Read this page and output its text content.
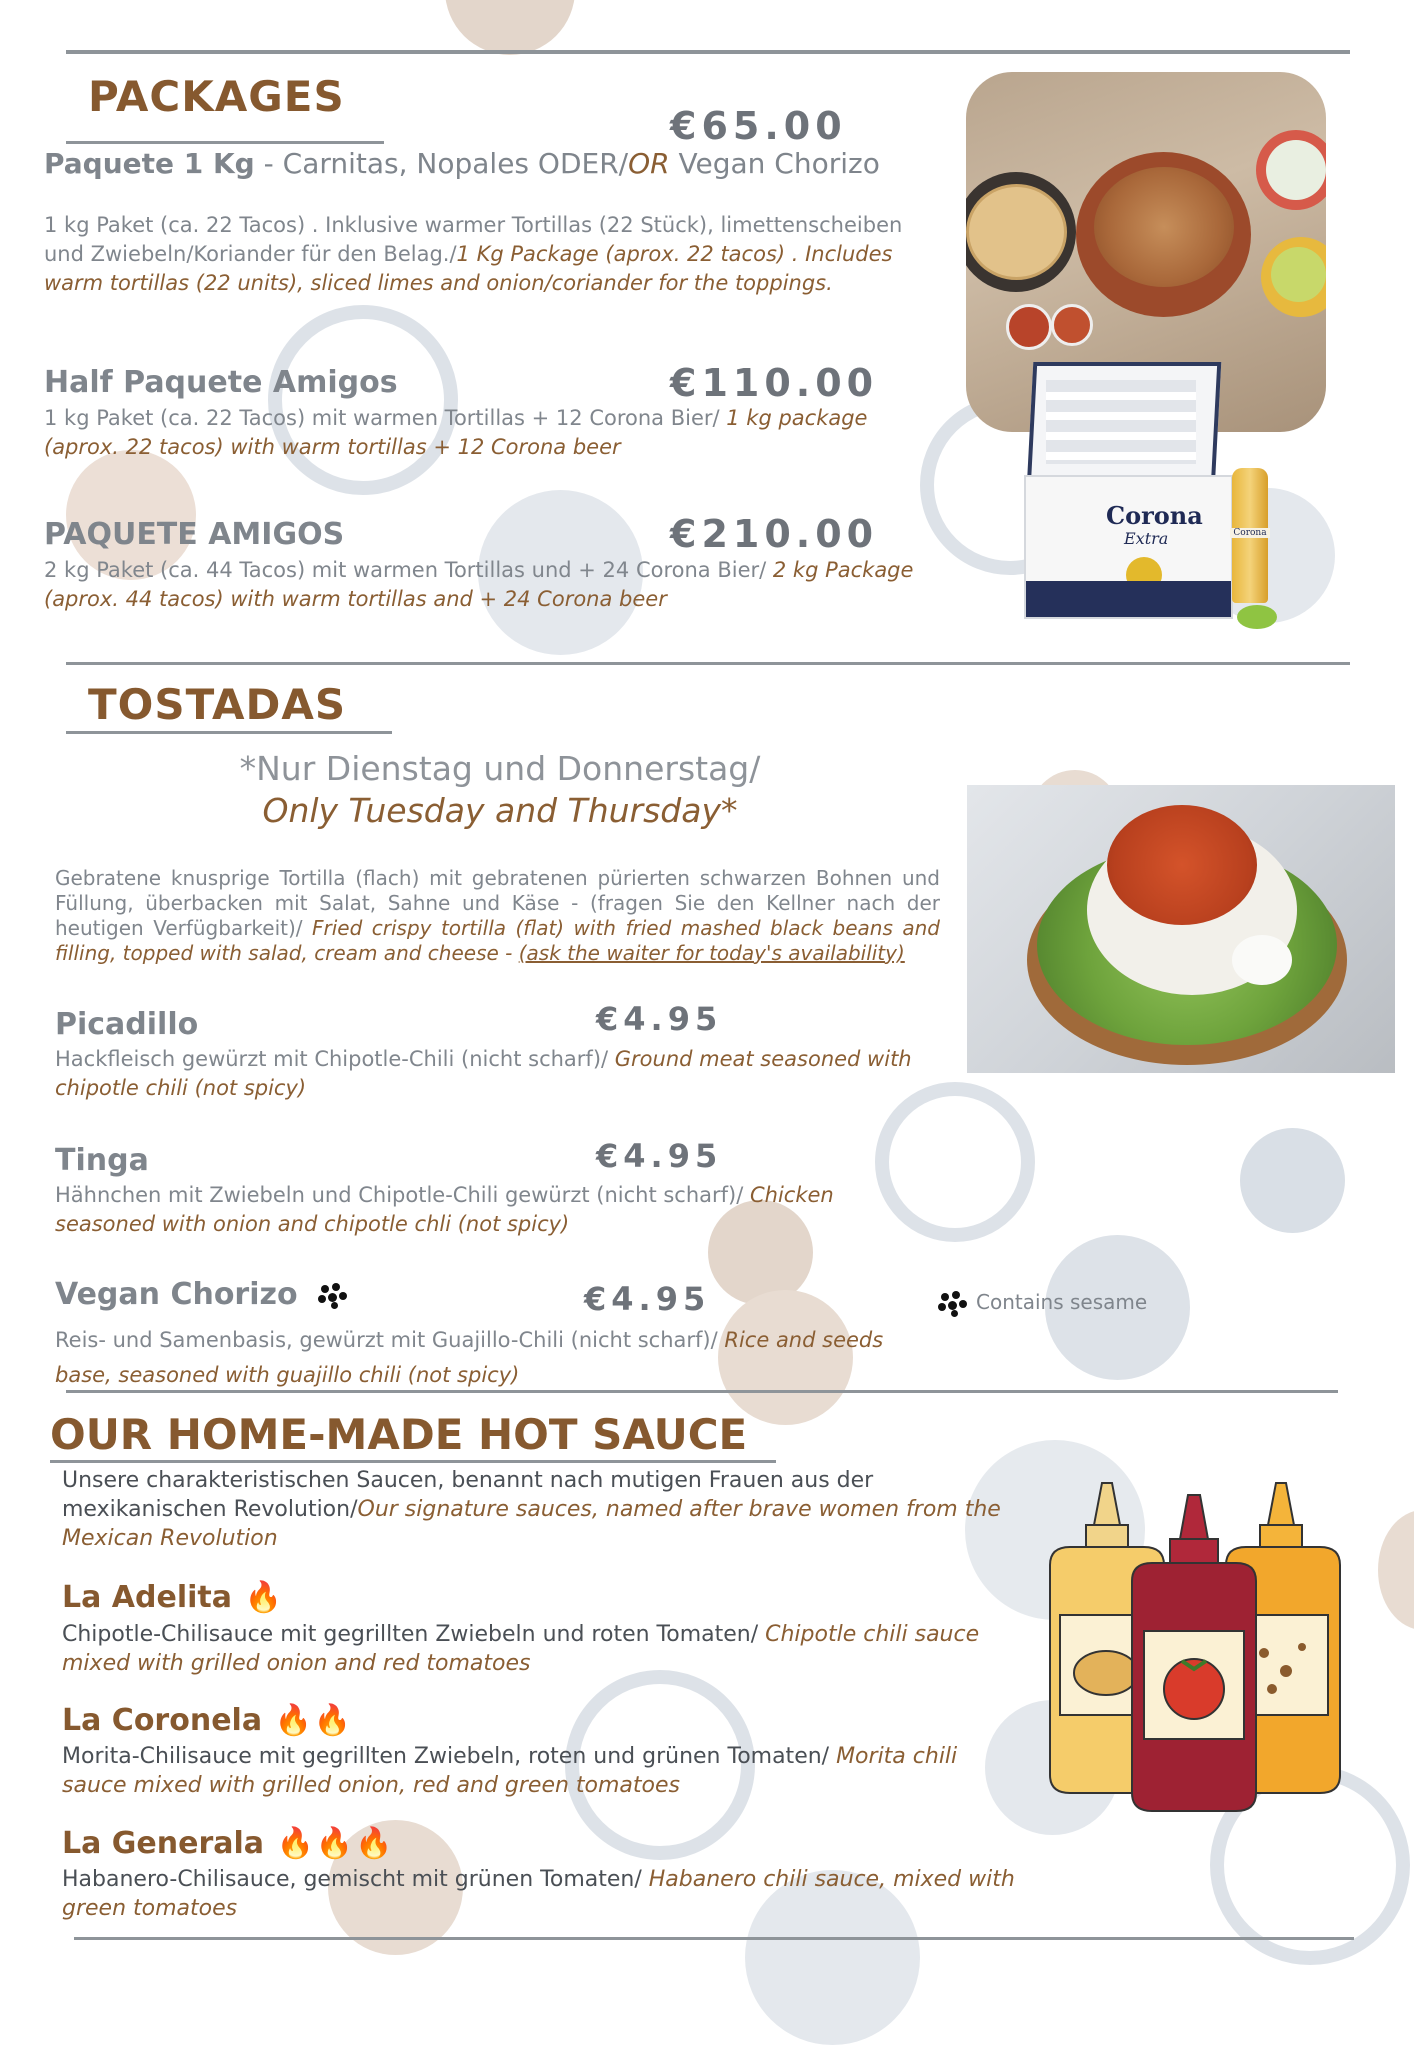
PACKAGES
Paquete 1 Kg - Carnitas, Nopales ODER/OR Vegan Chorizo
€65.00

1 kg Paket (ca. 22 Tacos) . Inklusive warmer Tortillas (22 Stück), limettenscheiben und Zwiebeln/Koriander für den Belag./1 Kg Package (aprox. 22 tacos) . Includes warm tortillas (22 units), sliced limes and onion/coriander for the toppings.

Half Paquete Amigos	€110.00

1 kg Paket (ca. 22 Tacos) mit warmen Tortillas + 12 Corona Bier/ 1 kg package (aprox. 22 tacos) with warm tortillas + 12 Corona beer

PAQUETE AMIGOS	€210.00

2 kg Paket (ca. 44 Tacos) mit warmen Tortillas und + 24 Corona Bier/ 2 kg Package (aprox. 44 tacos) with warm tortillas and + 24 Corona beer

Corona
Extra	Corona
TOSTADAS
*Nur Dienstag und Donnerstag/
Only Tuesday and Thursday*

Gebratene knusprige Tortilla (flach) mit gebratenen pürierten schwarzen Bohnen und Füllung, überbacken mit Salat, Sahne und Käse - (fragen Sie den Kellner nach der heutigen Verfügbarkeit)/ Fried crispy tortilla (flat) with fried mashed black beans and filling, topped with salad, cream and cheese - (ask the waiter for today's availability)

Picadillo	€4.95

Hackfleisch gewürzt mit Chipotle-Chili (nicht scharf)/ Ground meat seasoned with chipotle chili (not spicy)

Tinga	€4.95

Hähnchen mit Zwiebeln und Chipotle-Chili gewürzt (nicht scharf)/ Chicken seasoned with onion and chipotle chli (not spicy)

Vegan Chorizo	€4.95

Reis- und Samenbasis, gewürzt mit Guajillo-Chili (nicht scharf)/ Rice and seeds base, seasoned with guajillo chili (not spicy)

Contains sesame
OUR HOME-MADE HOT SAUCE

Unsere charakteristischen Saucen, benannt nach mutigen Frauen aus der mexikanischen Revolution/Our signature sauces, named after brave women from the Mexican Revolution

La Adelita 🔥

Chipotle-Chilisauce mit gegrillten Zwiebeln und roten Tomaten/ Chipotle chili sauce mixed with grilled onion and red tomatoes

La Coronela 🔥🔥

Morita-Chilisauce mit gegrillten Zwiebeln, roten und grünen Tomaten/ Morita chili sauce mixed with grilled onion, red and green tomatoes

La Generala 🔥🔥🔥

Habanero-Chilisauce, gemischt mit grünen Tomaten/ Habanero chili sauce, mixed with green tomatoes
